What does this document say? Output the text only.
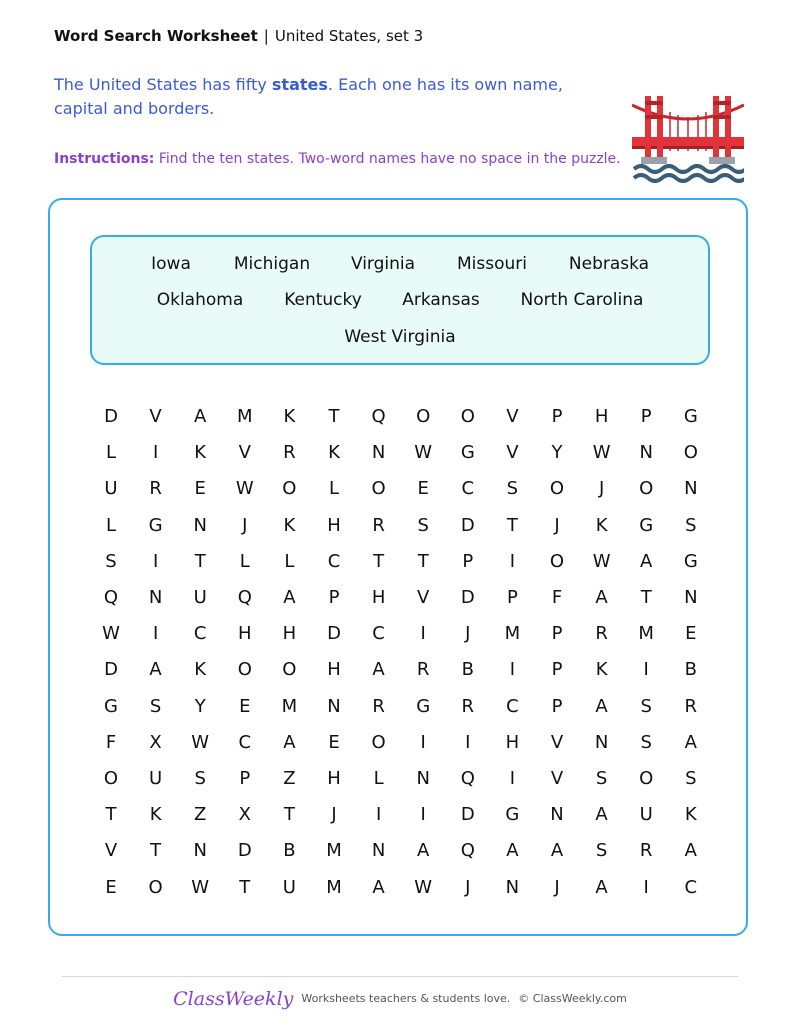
Word Search Worksheet | United States, set 3
The United States has fifty states. Each one has its own name, capital and borders.
Instructions: Find the ten states. Two-word names have no space in the puzzle.
Iowa	Michigan Virginia Missouri Nebraska
Oklahoma Kentucky Arkansas North Carolina
West Virginia
D	V	A	M	K	T	Q	O	O	V	P	H	P	G
L	I	K	V	R	K	N	W	G	V	Y	W	N	O
U	R	E	W	O	L	O	E	C	S	O	J	O	N
L	G	N	J	K	H	R	S	D	T	J	K	G	S
S	I	T	L	L	C	T	T	P	I	O	W	A	G
Q	N	U	Q	A	P	H	V	D	P	F	A	T	N
W	I	C	H	H	D	C	I	J	M	P	R	M	E
D	A	K	O	O	H	A	R	B	I	P	K	I	B
G	S	Y	E	M	N	R	G	R	C	P	A	S	R
F	X	W	C	A	E	O	I	I	H	V	N	S	A
O	U	S	P	Z	H	L	N	Q	I	V	S	O	S
T	K	Z	X	T	J	I	I	D	G	N	A	U	K
V	T	N	D	B	M	N	A	Q	A	A	S	R	A
E	O	W	T	U	M	A	W	J	N	J	A	I	C
ClassWeekly Worksheets teachers & students love. © ClassWeekly.com
